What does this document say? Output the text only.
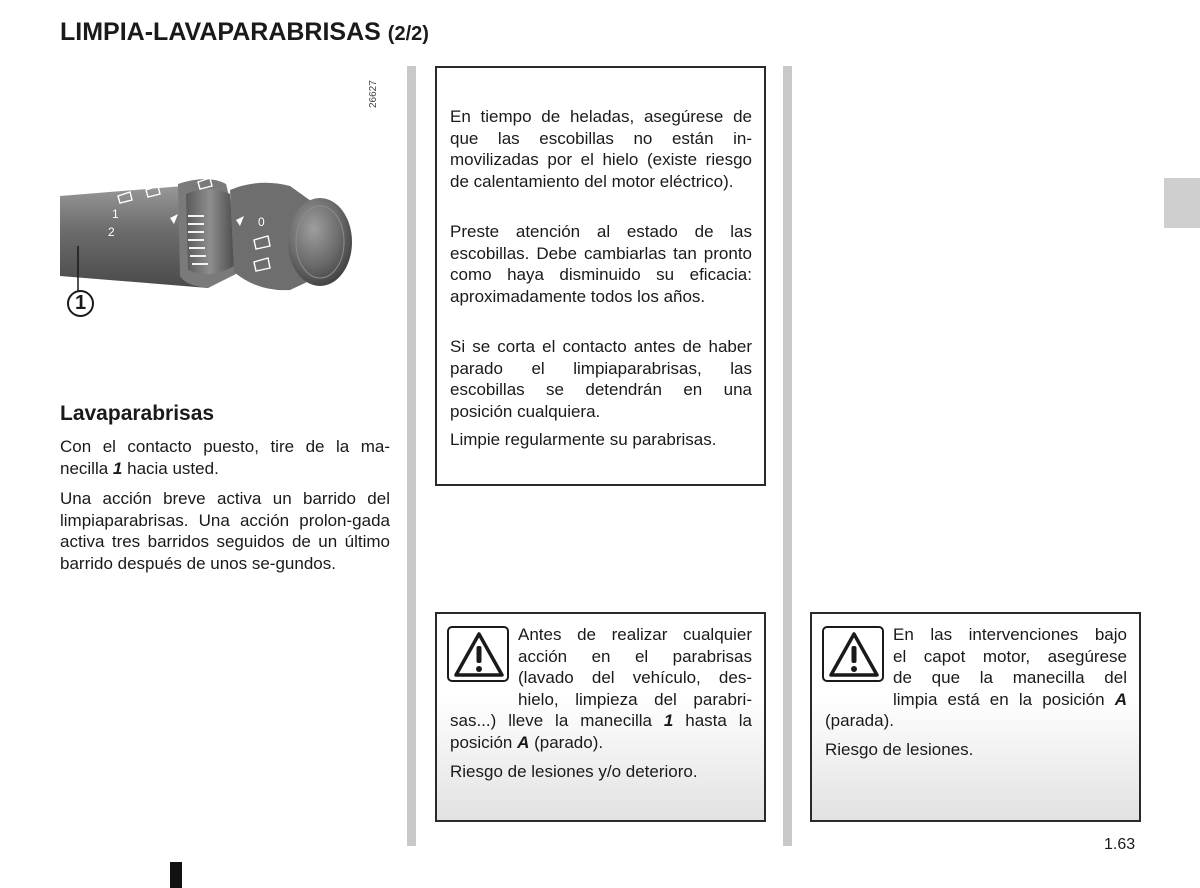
LIMPIA-LAVAPARABRISAS (2/2)
1
2
0
26627
1
Lavaparabrisas

Con el contacto puesto, tire de la ma-necilla 1 hacia usted.

Una acción breve activa un barrido del limpiaparabrisas. Una acción prolon-gada activa tres barridos seguidos de un último barrido después de unos se-gundos.

En tiempo de heladas, asegúrese de que las escobillas no están in-movilizadas por el hielo (existe riesgo de calentamiento del motor eléctrico).

Preste atención al estado de las escobillas. Debe cambiarlas tan pronto como haya disminuido su eficacia: aproximadamente todos los años.

Si se corta el contacto antes de haber parado el limpiaparabrisas, las escobillas se detendrán en una posición cualquiera.

Limpie regularmente su parabrisas.

Antes de realizar cualquier

acción en el parabrisas

(lavado del vehículo, des-

hielo, limpieza del parabri-

sas...) lleve la manecilla 1 hasta la

posición A (parado).

Riesgo de lesiones y/o deterioro.

En las intervenciones bajo

el capot motor, asegúrese

de que la manecilla del

limpia está en la posición A

(parada).

Riesgo de lesiones.

1.63
